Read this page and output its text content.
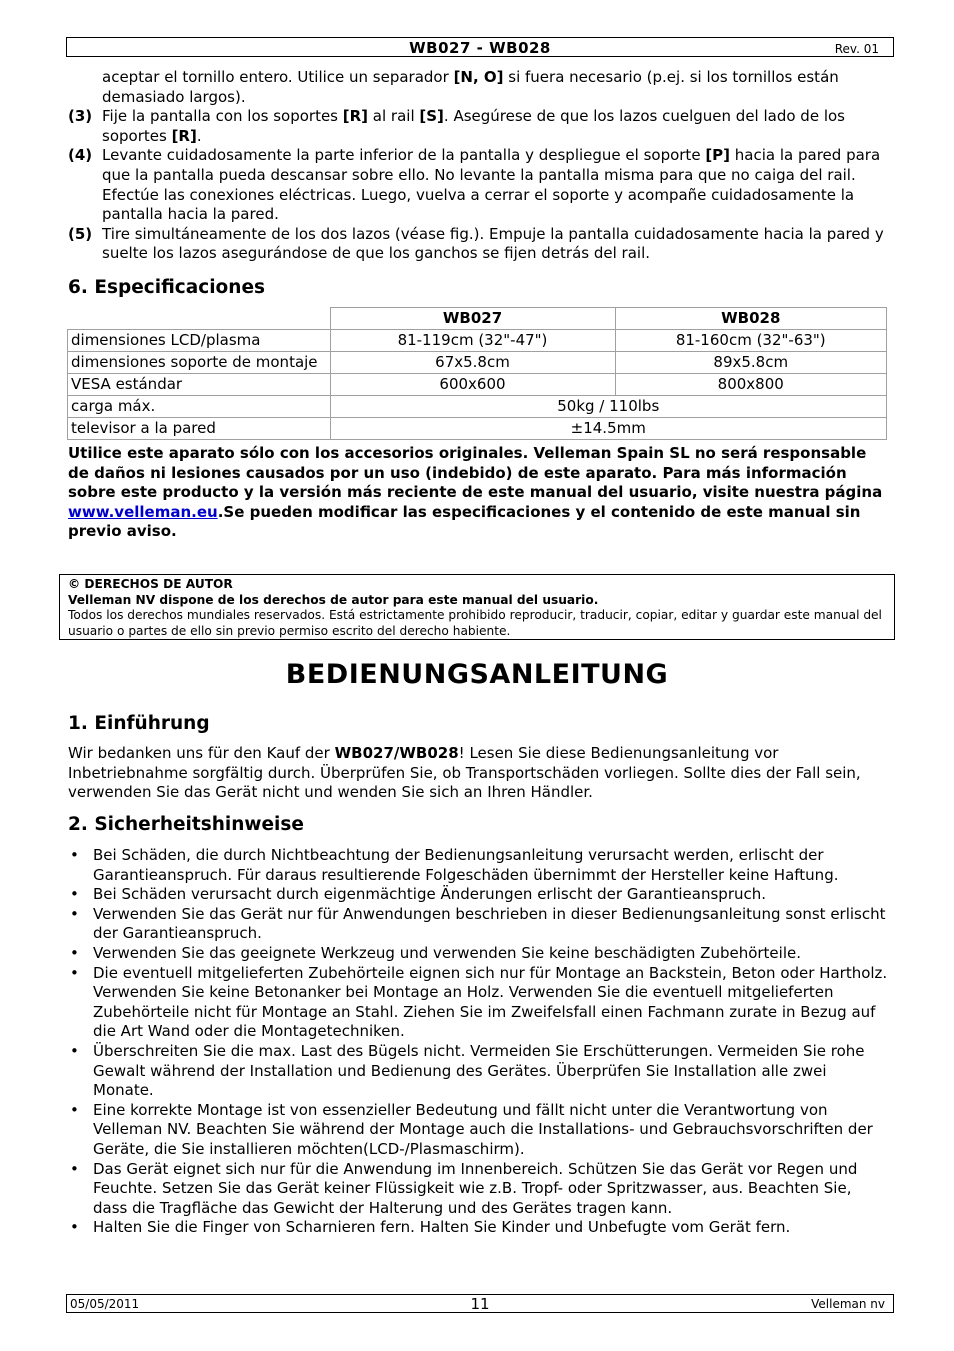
WB027 - WB028	Rev. 01

aceptar el tornillo entero. Utilice un separador [N, O] si fuera necesario (p.ej. si los tornillos están demasiado largos).

(3) Fije la pantalla con los soportes [R] al rail [S]. Asegúrese de que los lazos cuelguen del lado de los soportes [R].
(4) Levante cuidadosamente la parte inferior de la pantalla y despliegue el soporte [P] hacia la pared para que la pantalla pueda descansar sobre ello. No levante la pantalla misma para que no caiga del rail. Efectúe las conexiones eléctricas. Luego, vuelva a cerrar el soporte y acompañe cuidadosamente la pantalla hacia la pared.
(5) Tire simultáneamente de los dos lazos (véase fig.). Empuje la pantalla cuidadosamente hacia la pared y suelte los lazos asegurándose de que los ganchos se fijen detrás del rail.
6. Especificaciones
	WB027	WB028
dimensiones LCD/plasma	81-119cm (32"-47")	81-160cm (32"-63")
dimensiones soporte de montaje	67x5.8cm	89x5.8cm
VESA estándar	600x600	800x800
carga máx.	50kg / 110lbs	
televisor a la pared	±14.5mm	

Utilice este aparato sólo con los accesorios originales. Velleman Spain SL no será responsable de daños ni lesiones causados por un uso (indebido) de este aparato. Para más información sobre este producto y la versión más reciente de este manual del usuario, visite nuestra página www.velleman.eu.Se pueden modificar las especificaciones y el contenido de este manual sin previo aviso.

© DERECHOS DE AUTOR
Velleman NV dispone de los derechos de autor para este manual del usuario.
Todos los derechos mundiales reservados. Está estrictamente prohibido reproducir, traducir, copiar, editar y guardar este manual del usuario o partes de ello sin previo permiso escrito del derecho habiente.
BEDIENUNGSANLEITUNG
1. Einführung

Wir bedanken uns für den Kauf der WB027/WB028! Lesen Sie diese Bedienungsanleitung vor Inbetriebnahme sorgfältig durch. Überprüfen Sie, ob Transportschäden vorliegen. Sollte dies der Fall sein, verwenden Sie das Gerät nicht und wenden Sie sich an Ihren Händler.

2. Sicherheitshinweise
• Bei Schäden, die durch Nichtbeachtung der Bedienungsanleitung verursacht werden, erlischt der Garantieanspruch. Für daraus resultierende Folgeschäden übernimmt der Hersteller keine Haftung.
• Bei Schäden verursacht durch eigenmächtige Änderungen erlischt der Garantieanspruch.
• Verwenden Sie das Gerät nur für Anwendungen beschrieben in dieser Bedienungsanleitung sonst erlischt der Garantieanspruch.
• Verwenden Sie das geeignete Werkzeug und verwenden Sie keine beschädigten Zubehörteile.
• Die eventuell mitgelieferten Zubehörteile eignen sich nur für Montage an Backstein, Beton oder Hartholz. Verwenden Sie keine Betonanker bei Montage an Holz. Verwenden Sie die eventuell mitgelieferten Zubehörteile nicht für Montage an Stahl. Ziehen Sie im Zweifelsfall einen Fachmann zurate in Bezug auf die Art Wand oder die Montagetechniken.
• Überschreiten Sie die max. Last des Bügels nicht. Vermeiden Sie Erschütterungen. Vermeiden Sie rohe Gewalt während der Installation und Bedienung des Gerätes. Überprüfen Sie Installation alle zwei Monate.
• Eine korrekte Montage ist von essenzieller Bedeutung und fällt nicht unter die Verantwortung von Velleman NV. Beachten Sie während der Montage auch die Installations- und Gebrauchsvorschriften der Geräte, die Sie installieren möchten(LCD-/Plasmaschirm).
• Das Gerät eignet sich nur für die Anwendung im Innenbereich. Schützen Sie das Gerät vor Regen und Feuchte. Setzen Sie das Gerät keiner Flüssigkeit wie z.B. Tropf- oder Spritzwasser, aus. Beachten Sie, dass die Tragfläche das Gewicht der Halterung und des Gerätes tragen kann.
• Halten Sie die Finger von Scharnieren fern. Halten Sie Kinder und Unbefugte vom Gerät fern.
05/05/2011	11	Velleman nv
